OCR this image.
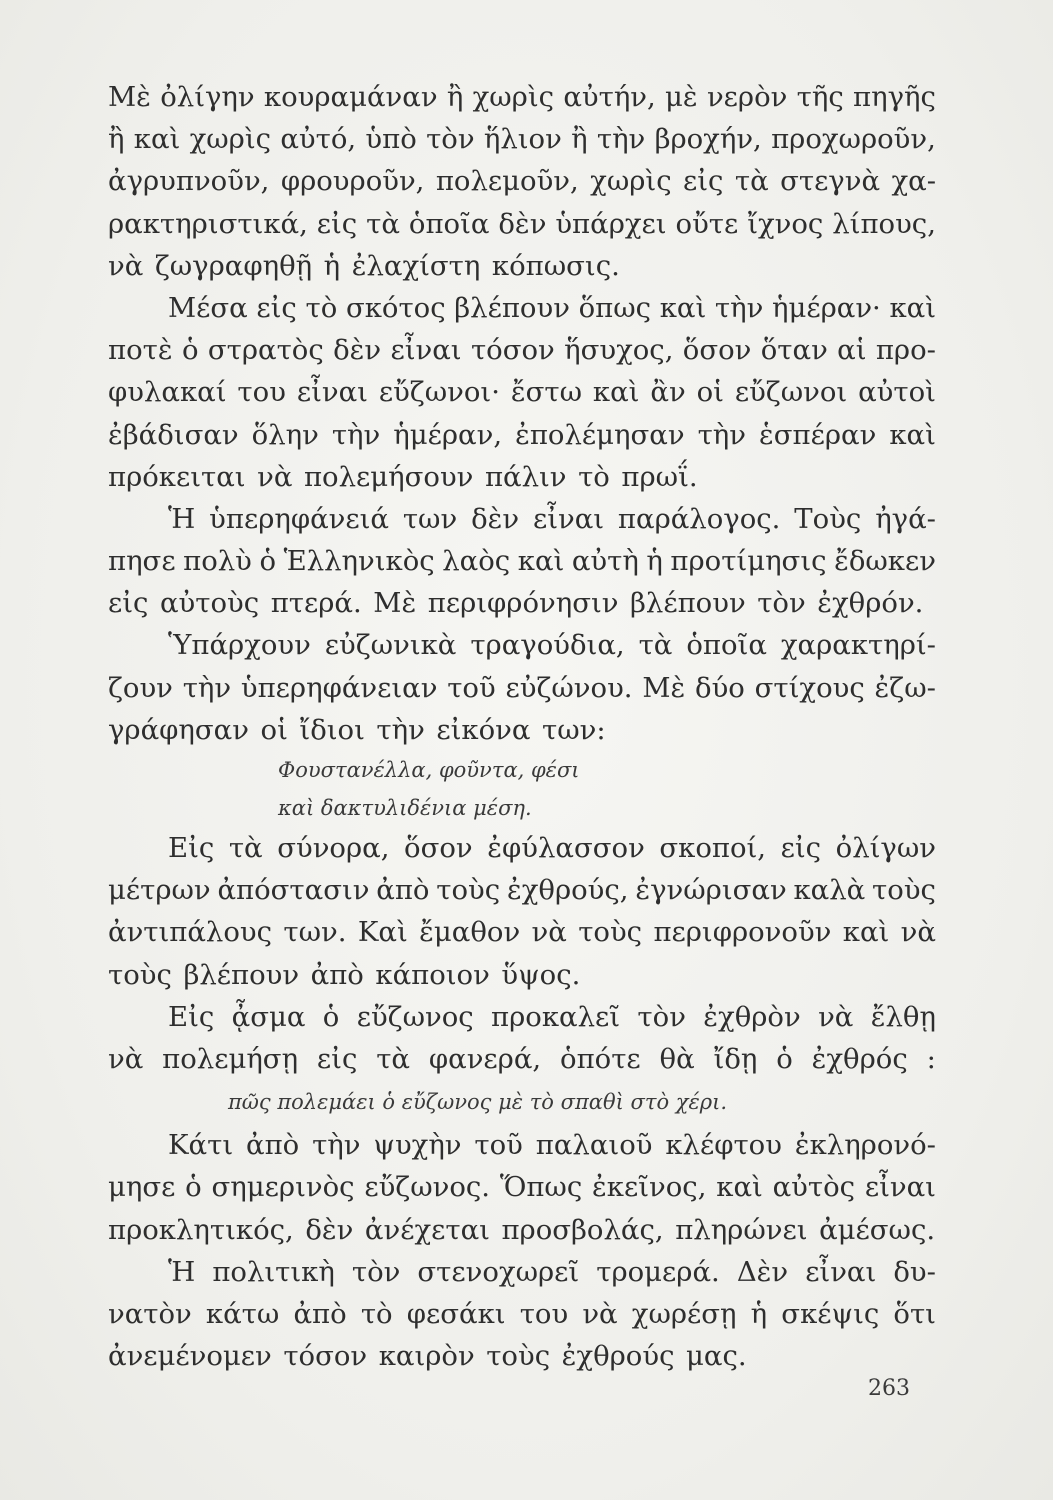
Μὲ ὀλίγην κουραμάναν ἢ χωρὶς αὐτήν, μὲ νερὸν τῆς πηγῆς
ἢ καὶ χωρὶς αὐτό, ὑπὸ τὸν ἥλιον ἢ τὴν βροχήν, προχωροῦν,
ἀγρυπνοῦν, φρουροῦν, πολεμοῦν, χωρὶς εἰς τὰ στεγνὰ χα-
ρακτηριστικά, εἰς τὰ ὁποῖα δὲν ὑπάρχει οὔτε ἴχνος λίπους,
νὰ ζωγραφηθῇ ἡ ἐλαχίστη κόπωσις.
Μέσα εἰς τὸ σκότος βλέπουν ὅπως καὶ τὴν ἡμέραν· καὶ
ποτὲ ὁ στρατὸς δὲν εἶναι τόσον ἥσυχος, ὅσον ὅταν αἱ προ-
φυλακαί του εἶναι εὔζωνοι· ἔστω καὶ ἂν οἱ εὔζωνοι αὐτοὶ
ἐβάδισαν ὅλην τὴν ἡμέραν, ἐπολέμησαν τὴν ἑσπέραν καὶ
πρόκειται νὰ πολεμήσουν πάλιν τὸ πρωΐ.
Ἡ ὑπερηφάνειά των δὲν εἶναι παράλογος. Τοὺς ἠγά-
πησε πολὺ ὁ Ἑλληνικὸς λαὸς καὶ αὐτὴ ἡ προτίμησις ἔδωκεν
εἰς αὐτοὺς πτερά. Μὲ περιφρόνησιν βλέπουν τὸν ἐχθρόν.
Ὑπάρχουν εὐζωνικὰ τραγούδια, τὰ ὁποῖα χαρακτηρί-
ζουν τὴν ὑπερηφάνειαν τοῦ εὐζώνου. Μὲ δύο στίχους ἐζω-
γράφησαν οἱ ἴδιοι τὴν εἰκόνα των:
Φουστανέλλα, φοῦντα, φέσι
καὶ δακτυλιδένια μέση.
Εἰς τὰ σύνορα, ὅσον ἐφύλασσον σκοποί, εἰς ὀλίγων
μέτρων ἀπόστασιν ἀπὸ τοὺς ἐχθρούς, ἐγνώρισαν καλὰ τοὺς
ἀντιπάλους των. Καὶ ἔμαθον νὰ τοὺς περιφρονοῦν καὶ νὰ
τοὺς βλέπουν ἀπὸ κάποιον ὕψος.
Εἰς ᾆσμα ὁ εὔζωνος προκαλεῖ τὸν ἐχθρὸν νὰ ἔλθῃ
νὰ πολεμήσῃ εἰς τὰ φανερά, ὁπότε θὰ ἴδῃ ὁ ἐχθρός :
πῶς πολεμάει ὁ εὔζωνος μὲ τὸ σπαθὶ στὸ χέρι.
Κάτι ἀπὸ τὴν ψυχὴν τοῦ παλαιοῦ κλέφτου ἐκληρονό-
μησε ὁ σημερινὸς εὔζωνος. Ὅπως ἐκεῖνος, καὶ αὐτὸς εἶναι
προκλητικός, δὲν ἀνέχεται προσβολάς, πληρώνει ἀμέσως.
Ἡ πολιτικὴ τὸν στενοχωρεῖ τρομερά. Δὲν εἶναι δυ-
νατὸν κάτω ἀπὸ τὸ φεσάκι του νὰ χωρέσῃ ἡ σκέψις ὅτι
ἀνεμένομεν τόσον καιρὸν τοὺς ἐχθρούς μας.
263
